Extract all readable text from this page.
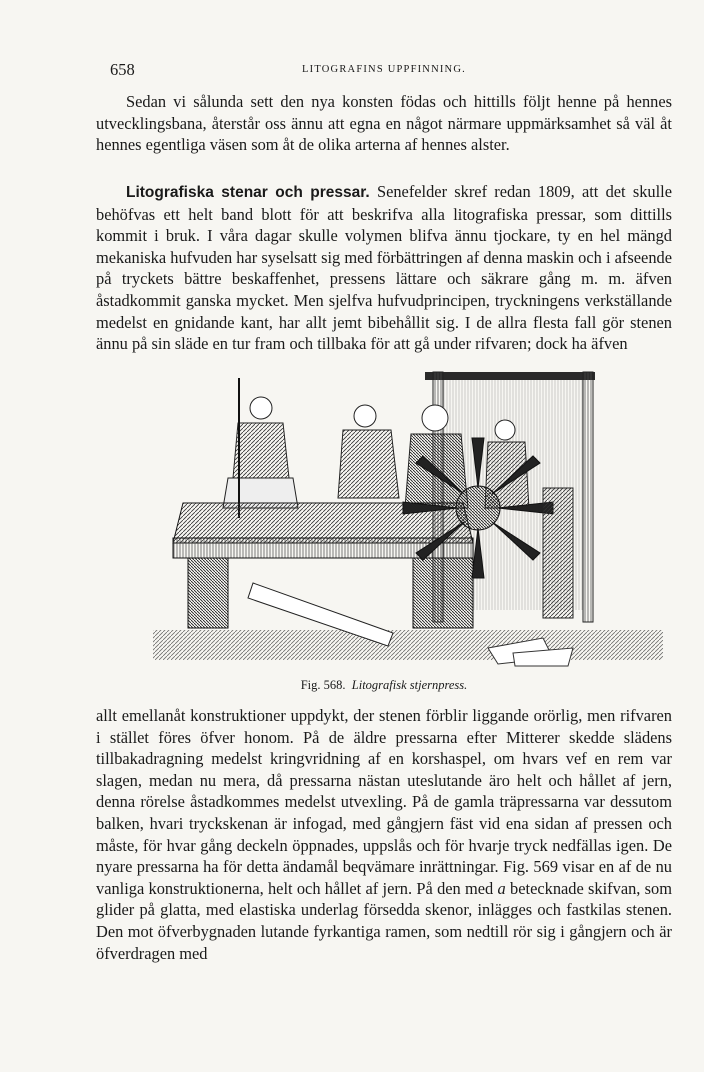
658	LITOGRAFINS UPPFINNING.

Sedan vi sålunda sett den nya konsten födas och hittills följt henne på hennes utvecklingsbana, återstår oss ännu att egna en något närmare uppmärksamhet så väl åt hennes egentliga väsen som åt de olika arterna af hennes alster.

Litografiska stenar och pressar. Senefelder skref redan 1809, att det skulle behöfvas ett helt band blott för att beskrifva alla litografiska pressar, som dittills kommit i bruk. I våra dagar skulle volymen blifva ännu tjockare, ty en hel mängd mekaniska hufvuden har syselsatt sig med förbättringen af denna maskin och i afseende på tryckets bättre beskaffenhet, pressens lättare och säkrare gång m. m. äfven åstadkommit ganska mycket. Men sjelfva hufvudprincipen, tryckningens verkställande medelst en gnidande kant, har allt jemt bibehållit sig. I de allra flesta fall gör stenen ännu på sin släde en tur fram och tillbaka för att gå under rifvaren; dock ha äfven

Fig. 568. Litografisk stjernpress.

allt emellanåt konstruktioner uppdykt, der stenen förblir liggande orörlig, men rifvaren i stället föres öfver honom. På de äldre pressarna efter Mitterer skedde slädens tillbakadragning medelst kringvridning af en korshaspel, om hvars vef en rem var slagen, medan nu mera, då pressarna nästan uteslutande äro helt och hållet af jern, denna rörelse åstadkommes medelst utvexling. På de gamla träpressarna var dessutom balken, hvari tryckskenan är infogad, med gångjern fäst vid ena sidan af pressen och måste, för hvar gång deckeln öppnades, uppslås och för hvarje tryck nedfällas igen. De nyare pressarna ha för detta ändamål beqvämare inrättningar. Fig. 569 visar en af de nu vanliga konstruktionerna, helt och hållet af jern. På den med a betecknade skifvan, som glider på glatta, med elastiska underlag försedda skenor, inlägges och fastkilas stenen. Den mot öfverbygnaden lutande fyrkantiga ramen, som nedtill rör sig i gångjern och är öfverdragen med
